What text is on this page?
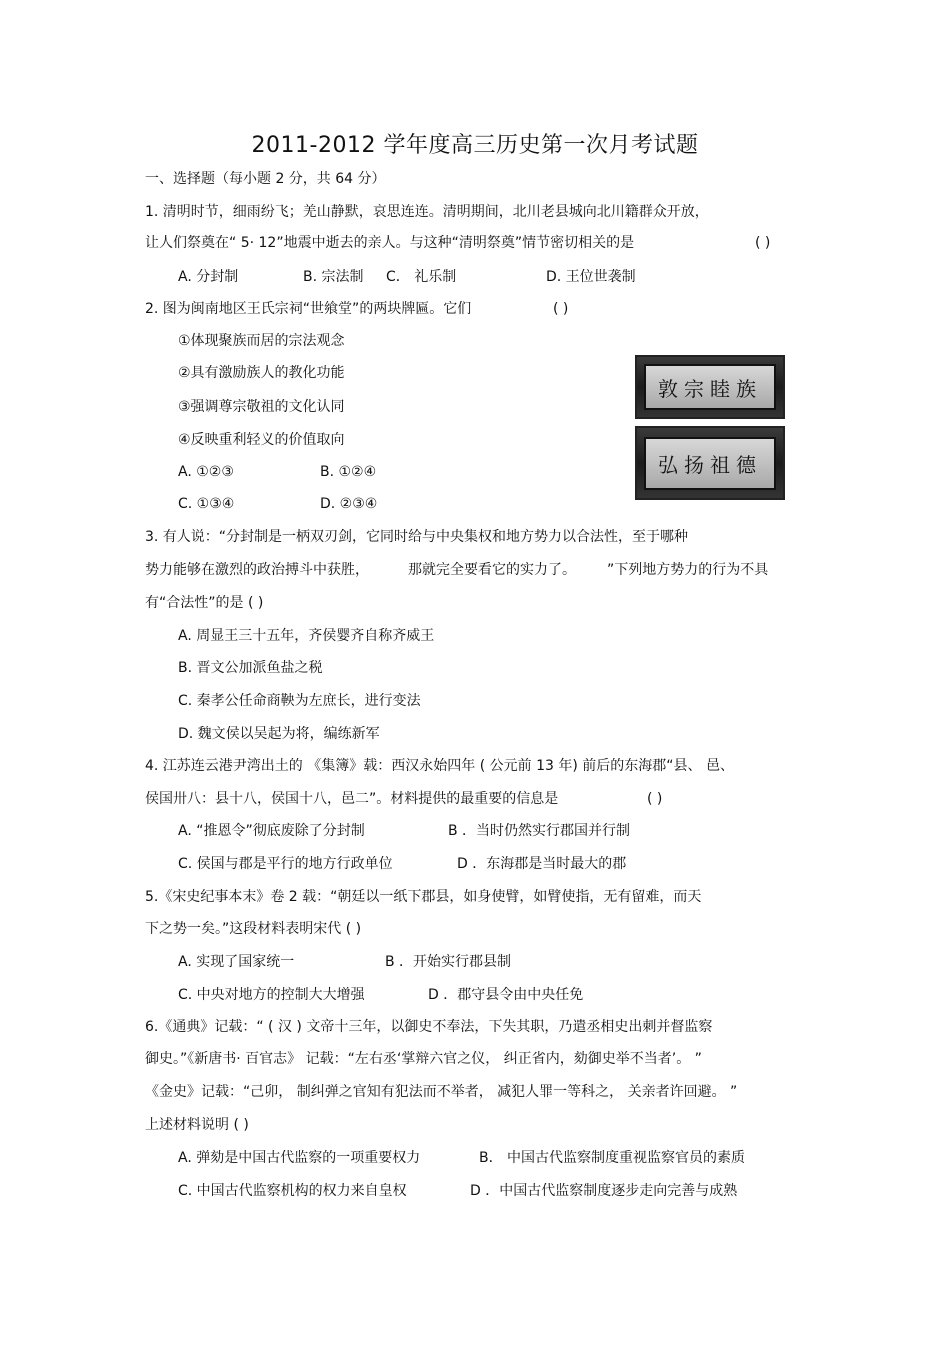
2011-2012 学年度高三历史第一次月考试题
一、选择题（每小题 2 分，共 64 分）
1. 清明时节，细雨纷飞；羌山静默，哀思连连。清明期间，北川老县城向北川籍群众开放，
让人们祭奠在“ 5· 12”地震中逝去的亲人。与这种“清明祭奠”情节密切相关的是	( )
A. 分封制	B. 宗法制 C． 礼乐制	D. 王位世袭制
2. 图为闽南地区王氏宗祠“世飨堂”的两块牌匾。它们	( )
①体现聚族而居的宗法观念
②具有激励族人的教化功能
③强调尊宗敬祖的文化认同
④反映重利轻义的价值取向
A. ①②③	B. ①②④
C. ①③④	D. ②③④
敦宗睦族
弘扬祖德
3. 有人说：“分封制是一柄双刃剑，它同时给与中央集权和地方势力以合法性，至于哪种
势力能够在激烈的政治搏斗中获胜，	那就完全要看它的实力了。 ”下列地方势力的行为不具
有“合法性”的是 ( )
A. 周显王三十五年，齐侯婴齐自称齐威王
B. 晋文公加派鱼盐之税
C. 秦孝公任命商鞅为左庶长，进行变法
D. 魏文侯以吴起为将，编练新军
4. 江苏连云港尹湾出土的 《集簿》载：西汉永始四年 ( 公元前 13 年) 前后的东海郡“县、 邑、
侯国卅八：县十八，侯国十八，邑二”。材料提供的最重要的信息是	( )
A. “推恩令”彻底废除了分封制	B ．当时仍然实行郡国并行制
C. 侯国与郡是平行的地方行政单位	D ．东海郡是当时最大的郡
5.《宋史纪事本末》卷 2 载：“朝廷以一纸下郡县，如身使臂，如臂使指，无有留难，而天
下之势一矣。”这段材料表明宋代 ( )
A. 实现了国家统一	B ．开始实行郡县制
C. 中央对地方的控制大大增强	D ．郡守县令由中央任免
6.《通典》记载：“ ( 汉 ) 文帝十三年，以御史不奉法，下失其职，乃遣丞相史出刺并督监察
御史。”《新唐书· 百官志》 记载：“左右丞‘掌辩六官之仪， 纠正省内，劾御史举不当者’。 ”
《金史》记载：“己卯， 制纠弹之官知有犯法而不举者， 减犯人罪一等科之， 关亲者许回避。 ”
上述材料说明 ( )
A. 弹劾是中国古代监察的一项重要权力	B． 中国古代监察制度重视监察官员的素质
C. 中国古代监察机构的权力来自皇权	D ．中国古代监察制度逐步走向完善与成熟
